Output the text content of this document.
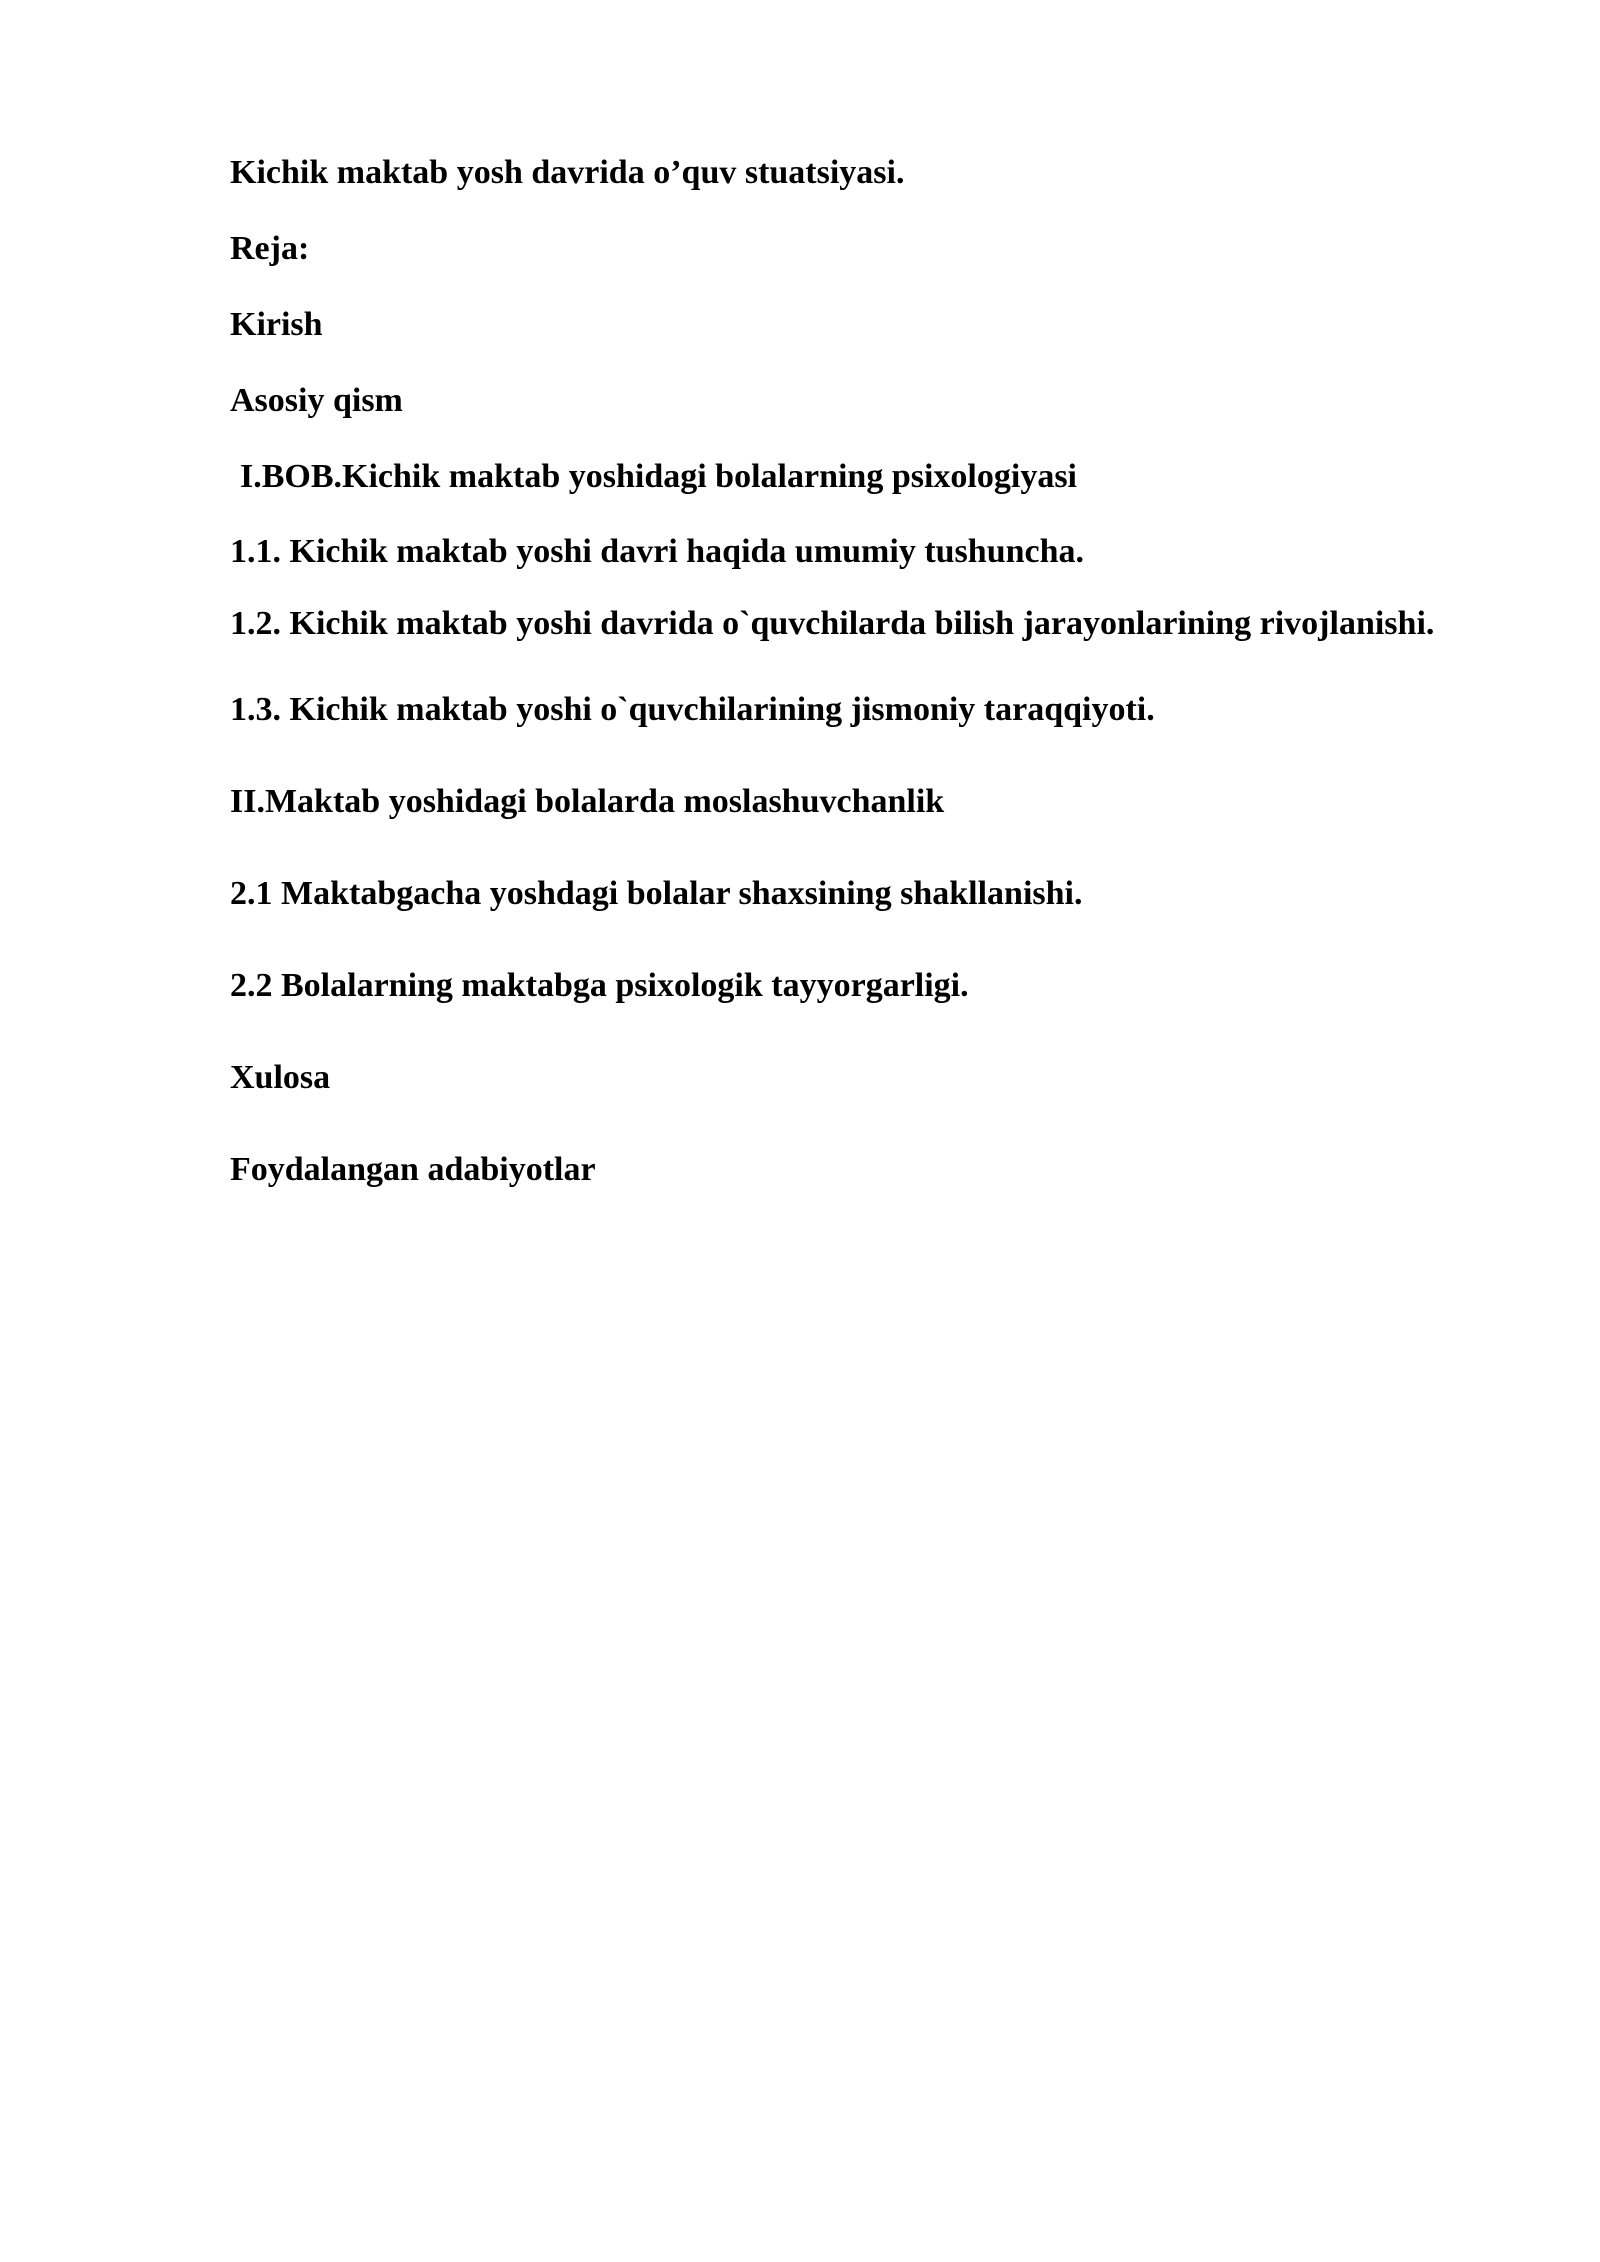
Kichik maktab yosh davrida o’quv stuatsiyasi.

Reja:

Kirish

Asosiy qism

I.BOB.Kichik maktab yoshidagi bolalarning psixologiyasi

1.1. Kichik maktab yoshi davri haqida umumiy tushuncha.

1.2. Kichik maktab yoshi davrida o`quvchilarda bilish jarayonlarining rivojlanishi.

1.3. Kichik maktab yoshi o`quvchilarining jismoniy taraqqiyoti.

II.Maktab yoshidagi bolalarda moslashuvchanlik

2.1 Maktabgacha yoshdagi bolalar shaxsining shakllanishi.

2.2 Bolalarning maktabga psixologik tayyorgarligi.

Xulosa

Foydalangan adabiyotlar
